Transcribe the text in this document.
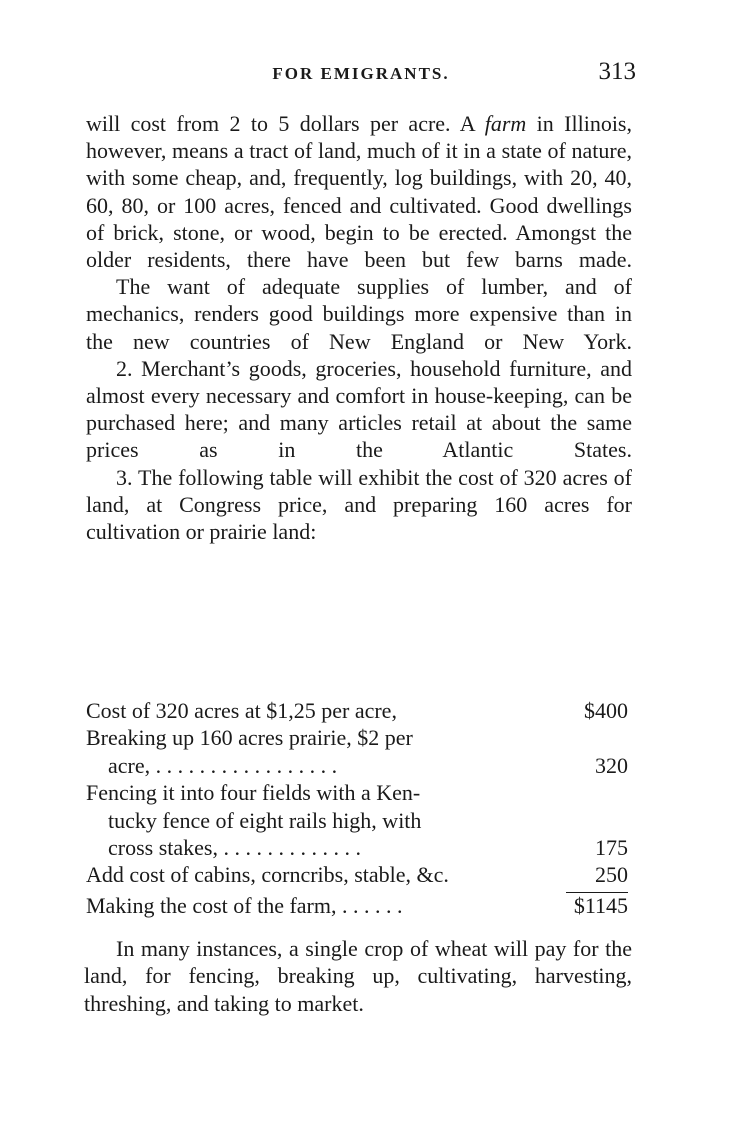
FOR EMIGRANTS.	313

will cost from 2 to 5 dollars per acre. A farm in Illinois, however, means a tract of land, much of it in a state of nature, with some cheap, and, frequently, log buildings, with 20, 40, 60, 80, or 100 acres, fenced and cultivated. Good dwellings of brick, stone, or wood, begin to be erected. Amongst the older residents, there have been but few barns made.

The want of adequate supplies of lumber, and of mechanics, renders good buildings more expensive than in the new countries of New England or New York.

2. Merchant’s goods, groceries, household furniture, and almost every necessary and comfort in house-keeping, can be purchased here; and many articles retail at about the same prices as in the Atlantic States.

3. The following table will exhibit the cost of 320 acres of land, at Congress price, and preparing 160 acres for cultivation or prairie land:

Cost of 320 acres at $1,25 per acre,	$400
Breaking up 160 acres prairie, $2 per
acre, . . . . . . . . . . . . . . . . .	320
Fencing it into four fields with a Ken-
tucky fence of eight rails high, with
cross stakes, . . . . . . . . . . . . .	175
Add cost of cabins, corncribs, stable, &c.	250
Making the cost of the farm, . . . . . .	$1145

In many instances, a single crop of wheat will pay for the land, for fencing, breaking up, cultivating, harvesting, threshing, and taking to market.
